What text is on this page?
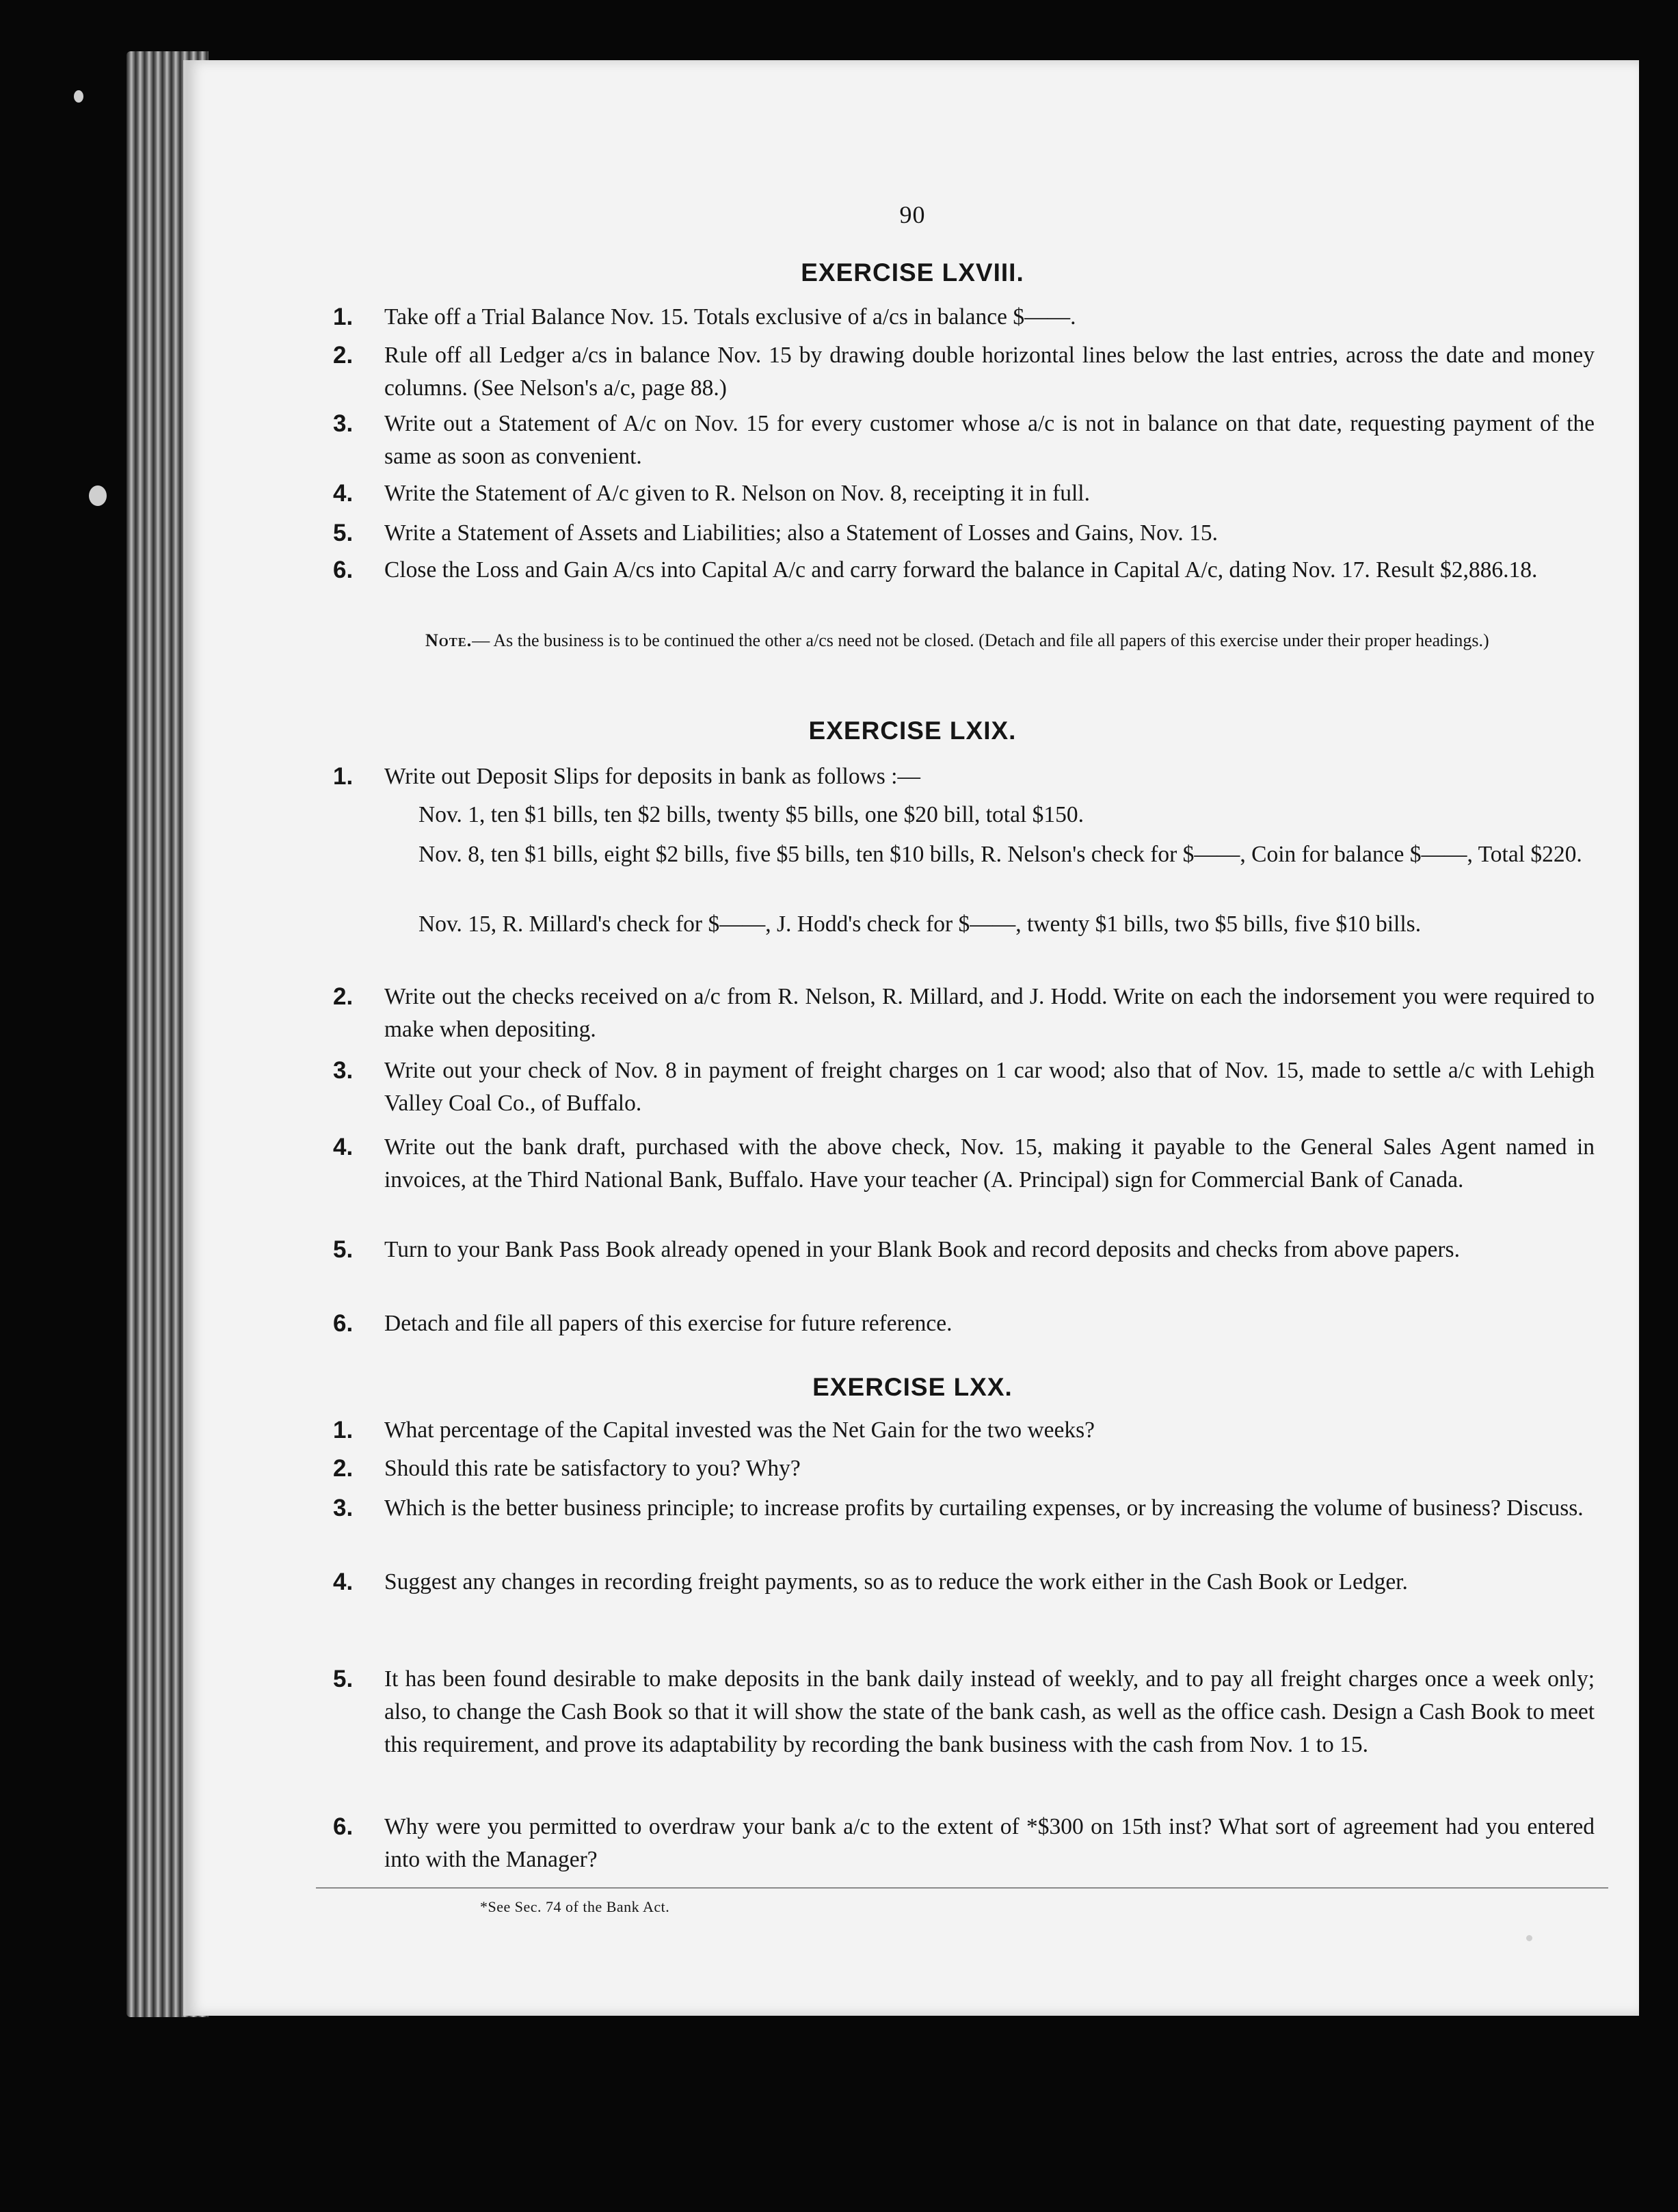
90
EXERCISE LXVIII.
1. Take off a Trial Balance Nov. 15. Totals exclusive of a/cs in balance $——.
2. Rule off all Ledger a/cs in balance Nov. 15 by drawing double horizontal lines below the last entries, across the date and money columns. (See Nelson's a/c, page 88.)
3. Write out a Statement of A/c on Nov. 15 for every customer whose a/c is not in balance on that date, requesting payment of the same as soon as convenient.
4. Write the Statement of A/c given to R. Nelson on Nov. 8, receipting it in full.
5. Write a Statement of Assets and Liabilities; also a Statement of Losses and Gains, Nov. 15.
6. Close the Loss and Gain A/cs into Capital A/c and carry forward the balance in Capital A/c, dating Nov. 17. Result $2,886.18.
Note.— As the business is to be continued the other a/cs need not be closed. (Detach and file all papers of this exercise under their proper headings.)
EXERCISE LXIX.
1. Write out Deposit Slips for deposits in bank as follows :—
Nov. 1, ten $1 bills, ten $2 bills, twenty $5 bills, one $20 bill, total $150.
Nov. 8, ten $1 bills, eight $2 bills, five $5 bills, ten $10 bills, R. Nelson's check for $——, Coin for balance $——, Total $220.
Nov. 15, R. Millard's check for $——, J. Hodd's check for $——, twenty $1 bills, two $5 bills, five $10 bills.
2. Write out the checks received on a/c from R. Nelson, R. Millard, and J. Hodd. Write on each the indorsement you were required to make when depositing.
3. Write out your check of Nov. 8 in payment of freight charges on 1 car wood; also that of Nov. 15, made to settle a/c with Lehigh Valley Coal Co., of Buffalo.
4. Write out the bank draft, purchased with the above check, Nov. 15, making it payable to the General Sales Agent named in invoices, at the Third National Bank, Buffalo. Have your teacher (A. Principal) sign for Commercial Bank of Canada.
5. Turn to your Bank Pass Book already opened in your Blank Book and record deposits and checks from above papers.
6. Detach and file all papers of this exercise for future reference.
EXERCISE LXX.
1. What percentage of the Capital invested was the Net Gain for the two weeks?
2. Should this rate be satisfactory to you? Why?
3. Which is the better business principle; to increase profits by curtailing expenses, or by increasing the volume of business? Discuss.
4. Suggest any changes in recording freight payments, so as to reduce the work either in the Cash Book or Ledger.
5. It has been found desirable to make deposits in the bank daily instead of weekly, and to pay all freight charges once a week only; also, to change the Cash Book so that it will show the state of the bank cash, as well as the office cash. Design a Cash Book to meet this requirement, and prove its adaptability by recording the bank business with the cash from Nov. 1 to 15.
6. Why were you permitted to overdraw your bank a/c to the extent of *$300 on 15th inst? What sort of agreement had you entered into with the Manager?
*See Sec. 74 of the Bank Act.
